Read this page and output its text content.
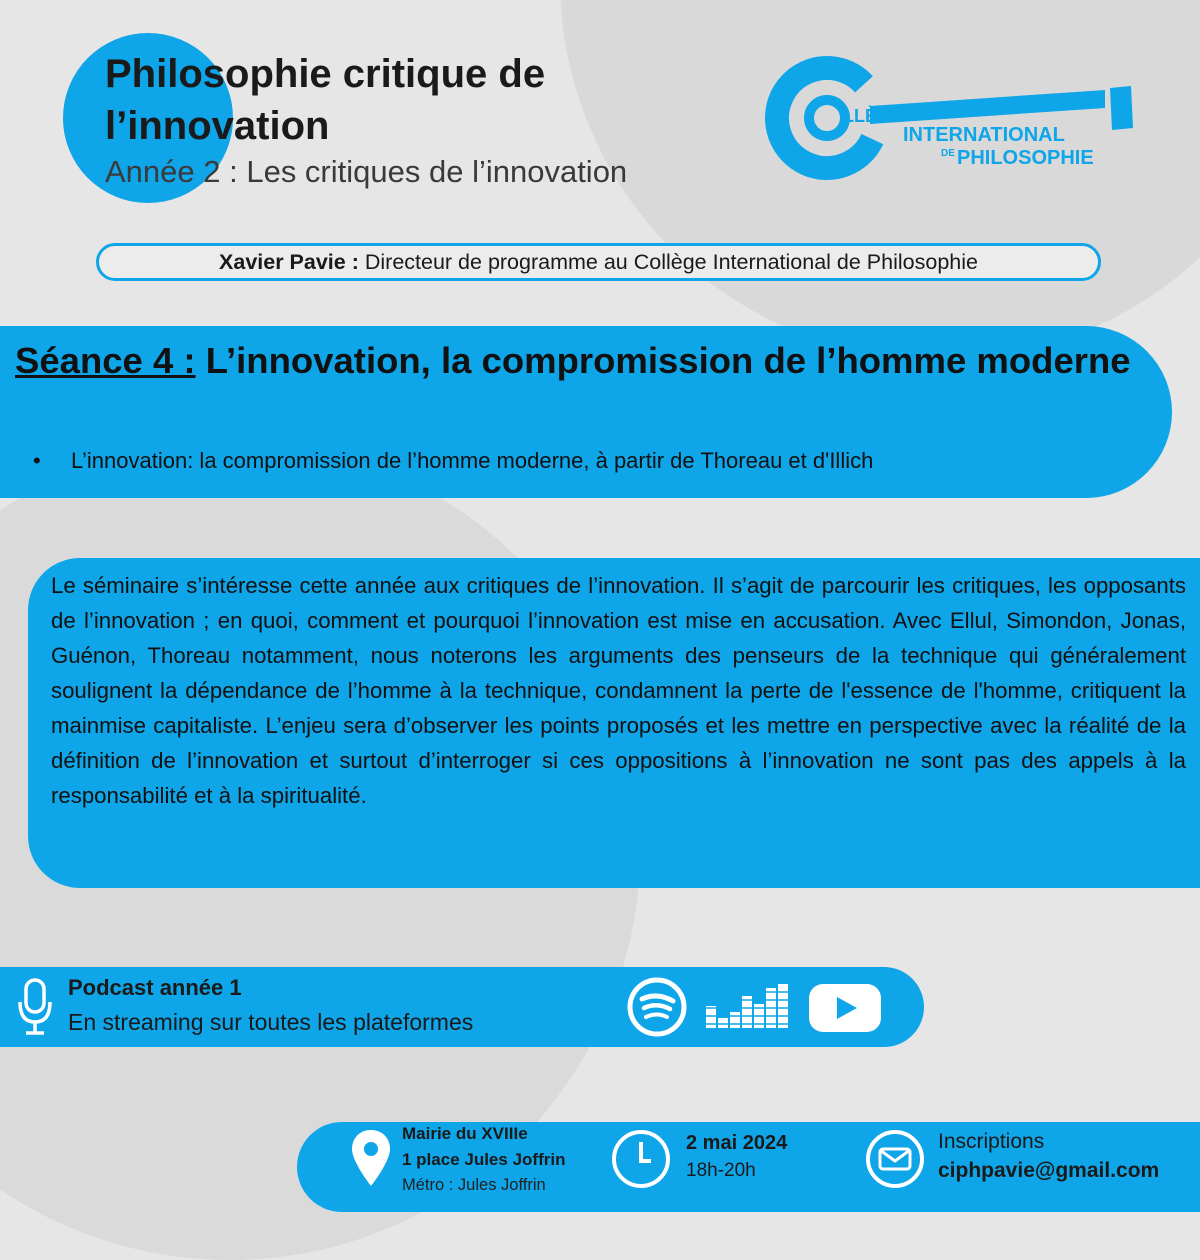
Philosophie critique de
l’innovation
Année 2 : Les critiques de l’innovation
LLÈGE
INTERNATIONAL
DE PHILOSOPHIE
Xavier Pavie : Directeur de programme au Collège International de Philosophie
Séance 4 : L’innovation, la compromission de l’homme moderne
• L’innovation: la compromission de l’homme moderne, à partir de Thoreau et d'Illich

Le séminaire s’intéresse cette année aux critiques de l’innovation. Il s’agit de parcourir les critiques, les opposants de l’innovation ; en quoi, comment et pourquoi l’innovation est mise en accusation. Avec Ellul, Simondon, Jonas, Guénon, Thoreau notamment, nous noterons les arguments des penseurs de la technique qui généralement soulignent la dépendance de l’homme à la technique, condamnent la perte de l'essence de l'homme, critiquent la mainmise capitaliste. L’enjeu sera d’observer les points proposés et les mettre en perspective avec la réalité de la définition de l’innovation et surtout d’interroger si ces oppositions à l’innovation ne sont pas des appels à la responsabilité et à la spiritualité.

Podcast année 1
En streaming sur toutes les plateformes
Mairie du XVIIIe
1 place Jules Joffrin
Métro : Jules Joffrin
2 mai 2024
18h-20h
Inscriptions
ciphpavie@gmail.com
